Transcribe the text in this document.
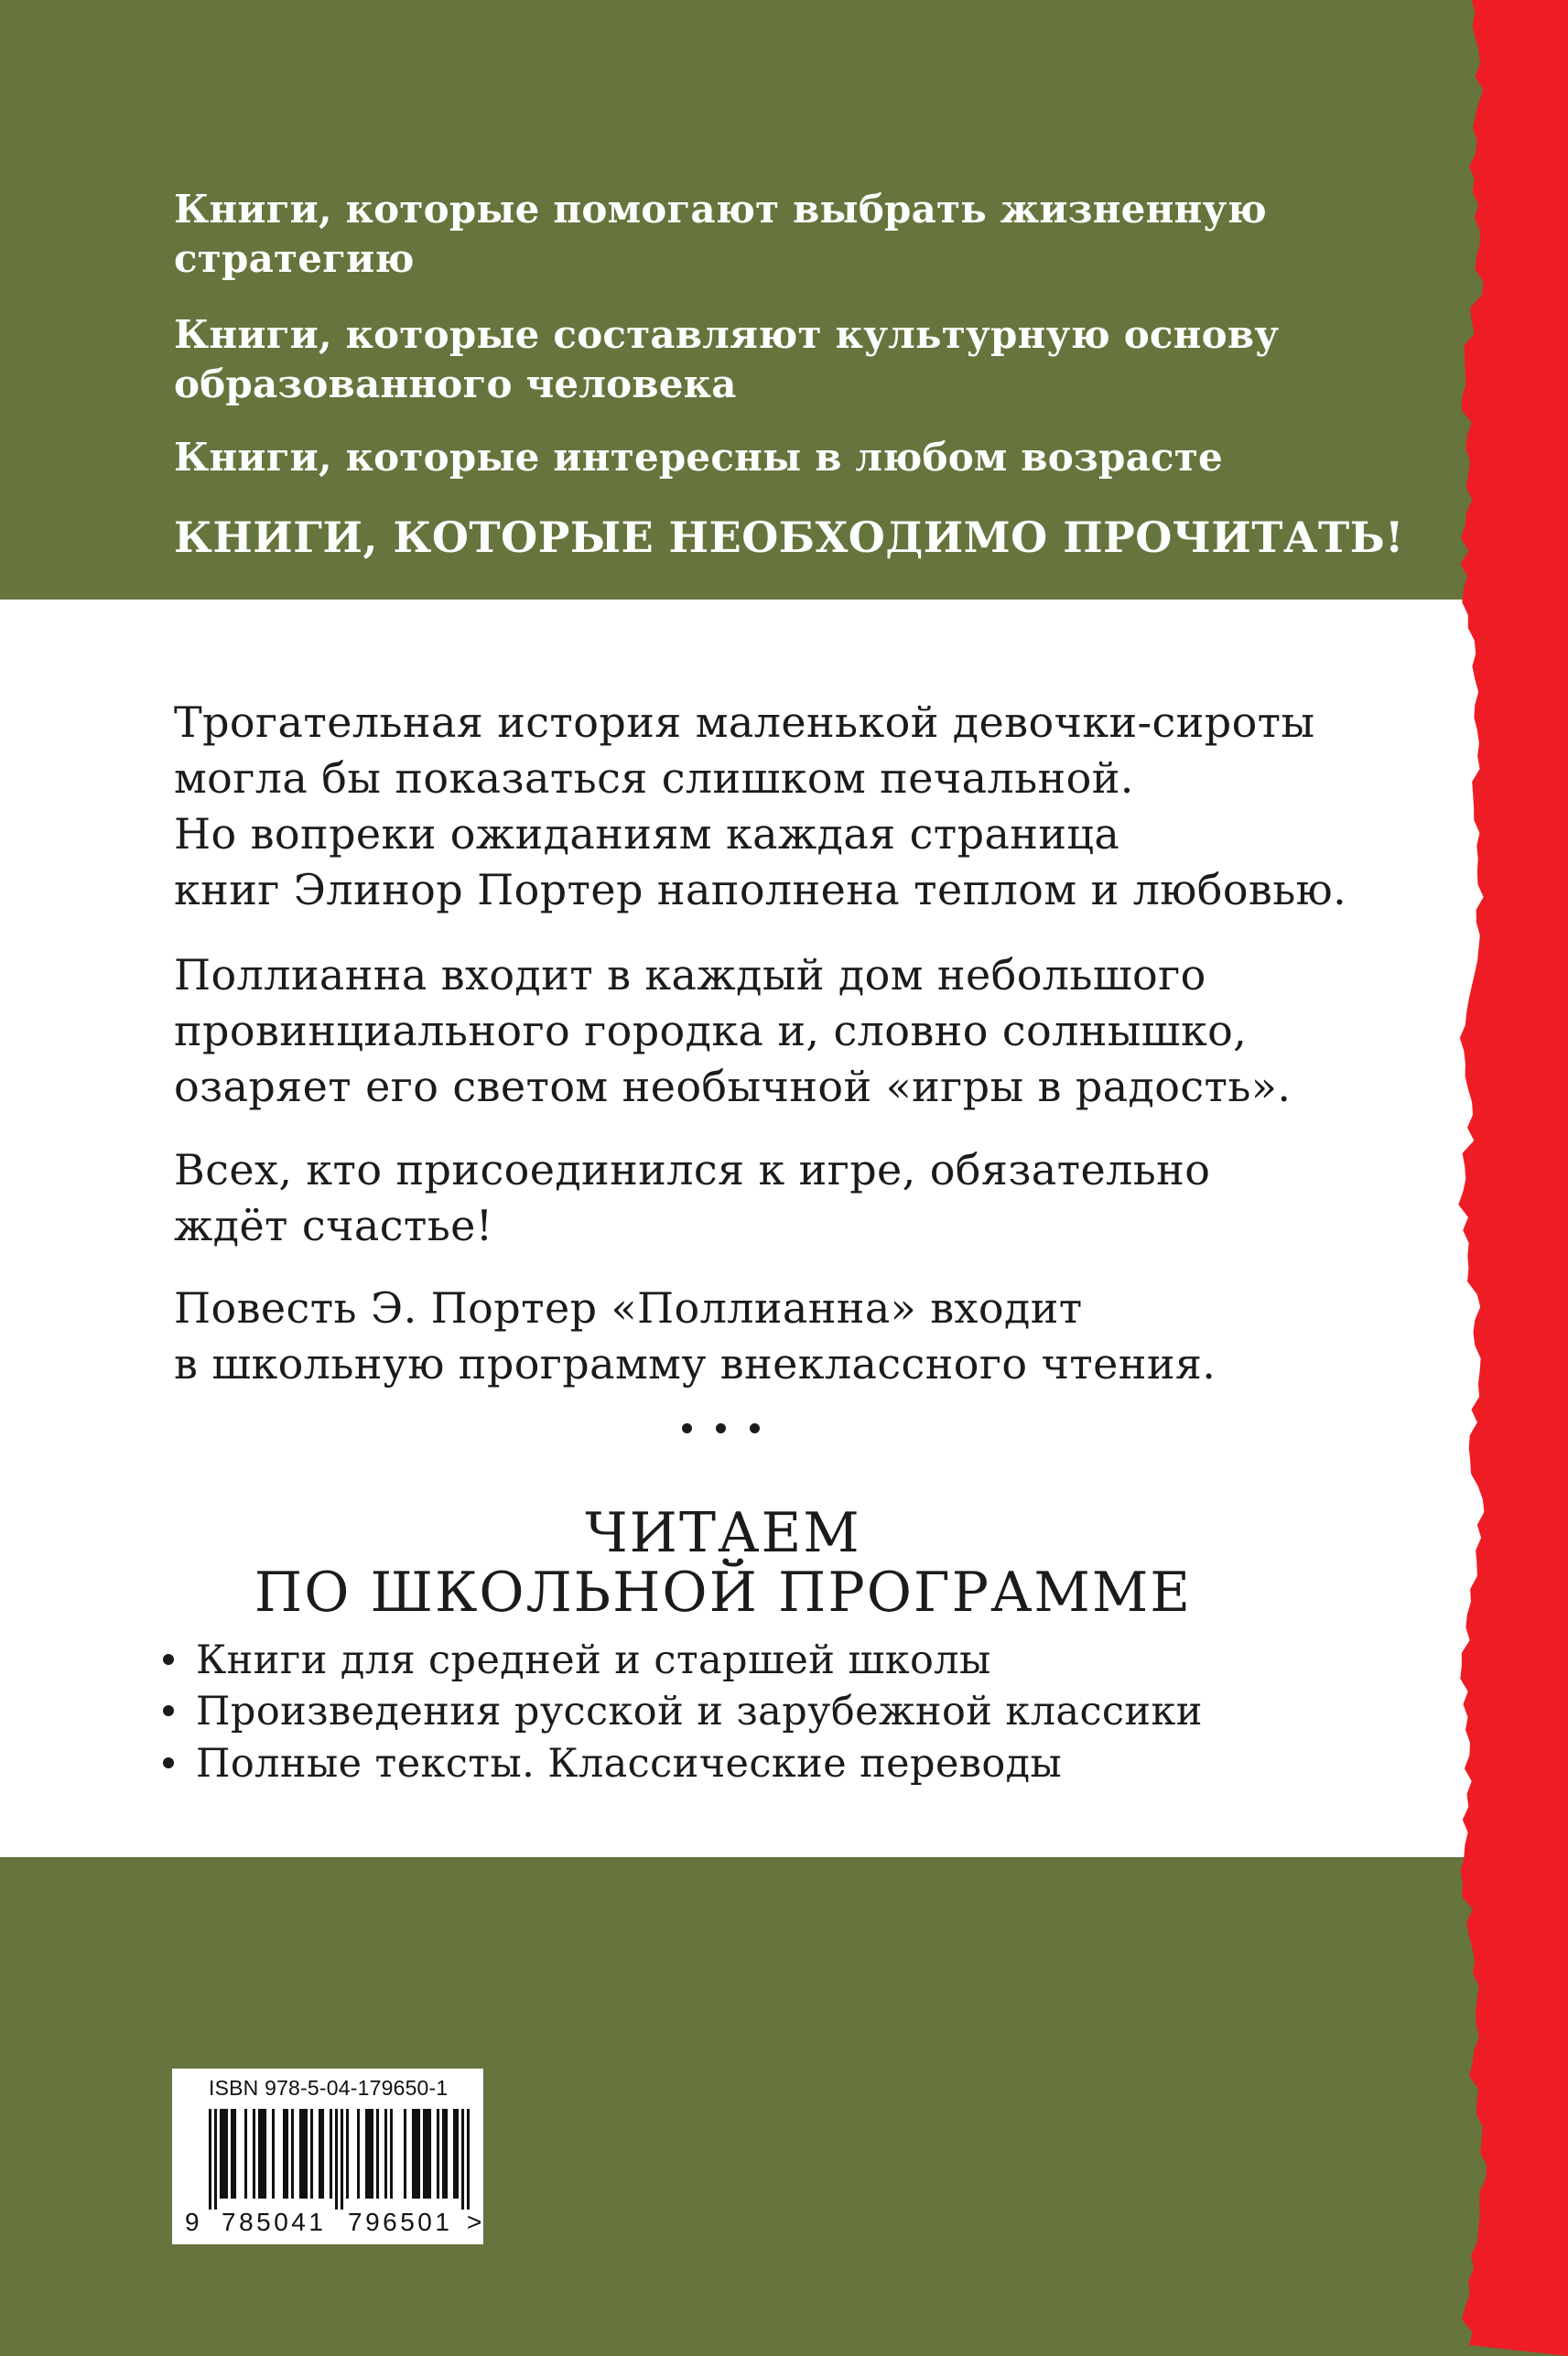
Книги, которые помогают выбрать жизненную
стратегию
Книги, которые составляют культурную основу
образованного человека
Книги, которые интересны в любом возрасте
КНИГИ, КОТОРЫЕ НЕОБХОДИМО ПРОЧИТАТЬ!
Трогательная история маленькой девочки-сироты
могла бы показаться слишком печальной.
Но вопреки ожиданиям каждая страница
книг Элинор Портер наполнена теплом и любовью.
Поллианна входит в каждый дом небольшого
провинциального городка и, словно солнышко,
озаряет его светом необычной «игры в радость».
Всех, кто присоединился к игре, обязательно
ждёт счастье!
Повесть Э. Портер «Поллианна» входит
в школьную программу внеклассного чтения.
ЧИТАЕМ
ПО ШКОЛЬНОЙ ПРОГРАММЕ
Книги для средней и старшей школы
Произведения русской и зарубежной классики
Полные тексты. Классические переводы
ISBN 978-5-04-179650-1
9 785041 796501 >
